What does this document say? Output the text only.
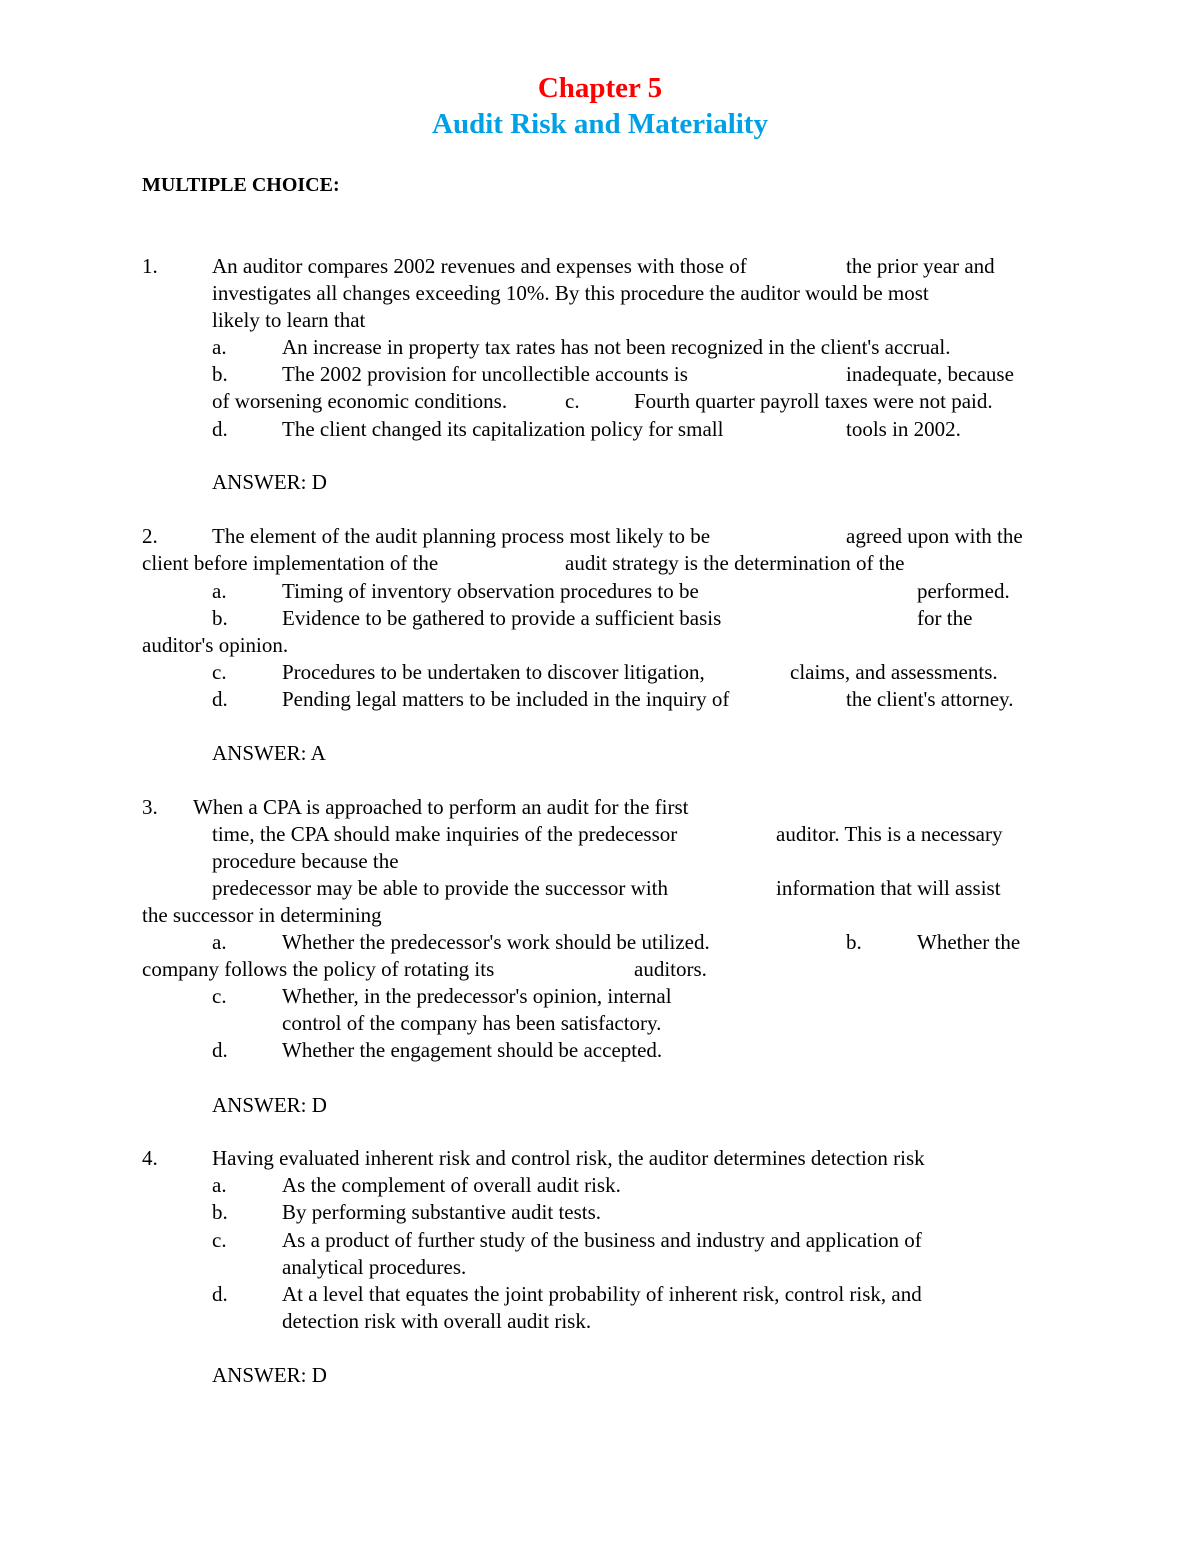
Chapter 5
Audit Risk and Materiality
MULTIPLE CHOICE:
1.	An auditor compares 2002 revenues and expenses with those of	the prior year and
investigates all changes exceeding 10%. By this procedure the auditor would be most
likely to learn that
a.	An increase in property tax rates has not been recognized in the client's accrual.
b.	The 2002 provision for uncollectible accounts is	inadequate, because
of worsening economic conditions.	c.	Fourth quarter payroll taxes were not paid.
d.	The client changed its capitalization policy for small	tools in 2002.
ANSWER: D
2.	The element of the audit planning process most likely to be	agreed upon with the
client before implementation of the	audit strategy is the determination of the
a.	Timing of inventory observation procedures to be	performed.
b.	Evidence to be gathered to provide a sufficient basis	for the
auditor's opinion.
c.	Procedures to be undertaken to discover litigation,	claims, and assessments.
d.	Pending legal matters to be included in the inquiry of	the client's attorney.
ANSWER: A
3. When a CPA is approached to perform an audit for the first
time, the CPA should make inquiries of the predecessor	auditor. This is a necessary
procedure because the
predecessor may be able to provide the successor with	information that will assist
the successor in determining
a.	Whether the predecessor's work should be utilized.	b.	Whether the
company follows the policy of rotating its	auditors.
c.	Whether, in the predecessor's opinion, internal
control of the company has been satisfactory.
d.	Whether the engagement should be accepted.
ANSWER: D
4.	Having evaluated inherent risk and control risk, the auditor determines detection risk
a.	As the complement of overall audit risk.
b.	By performing substantive audit tests.
c.	As a product of further study of the business and industry and application of
analytical procedures.
d.	At a level that equates the joint probability of inherent risk, control risk, and
detection risk with overall audit risk.
ANSWER: D
